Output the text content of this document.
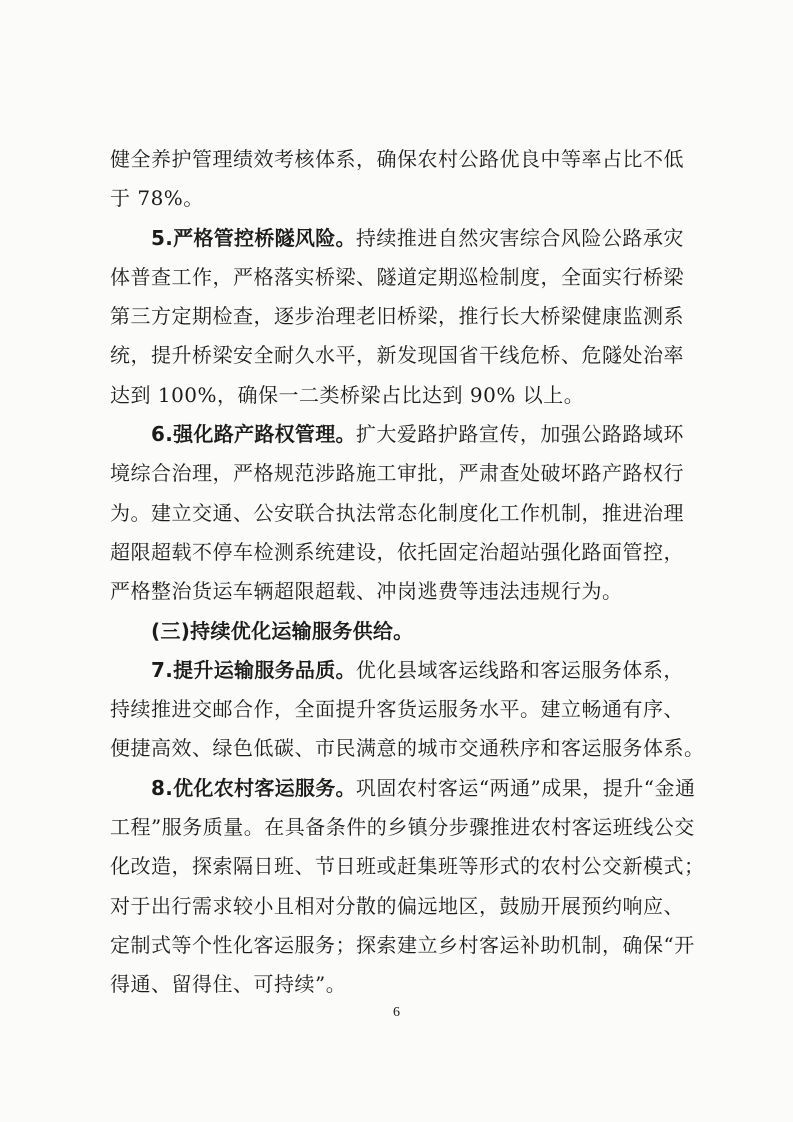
健全养护管理绩效考核体系，确保农村公路优良中等率占比不低

于 78%。

5.严格管控桥隧风险。持续推进自然灾害综合风险公路承灾

体普查工作，严格落实桥梁、隧道定期巡检制度，全面实行桥梁

第三方定期检查，逐步治理老旧桥梁，推行长大桥梁健康监测系

统，提升桥梁安全耐久水平，新发现国省干线危桥、危隧处治率

达到 100%，确保一二类桥梁占比达到 90% 以上。

6.强化路产路权管理。扩大爱路护路宣传，加强公路路域环

境综合治理，严格规范涉路施工审批，严肃查处破坏路产路权行

为。建立交通、公安联合执法常态化制度化工作机制，推进治理

超限超载不停车检测系统建设，依托固定治超站强化路面管控，

严格整治货运车辆超限超载、冲岗逃费等违法违规行为。

(三)持续优化运输服务供给。

7.提升运输服务品质。优化县域客运线路和客运服务体系，

持续推进交邮合作，全面提升客货运服务水平。建立畅通有序、

便捷高效、绿色低碳、市民满意的城市交通秩序和客运服务体系。

8.优化农村客运服务。巩固农村客运“两通”成果，提升“金通

工程”服务质量。在具备条件的乡镇分步骤推进农村客运班线公交

化改造，探索隔日班、节日班或赶集班等形式的农村公交新模式；

对于出行需求较小且相对分散的偏远地区，鼓励开展预约响应、

定制式等个性化客运服务；探索建立乡村客运补助机制，确保“开

得通、留得住、可持续”。

6
